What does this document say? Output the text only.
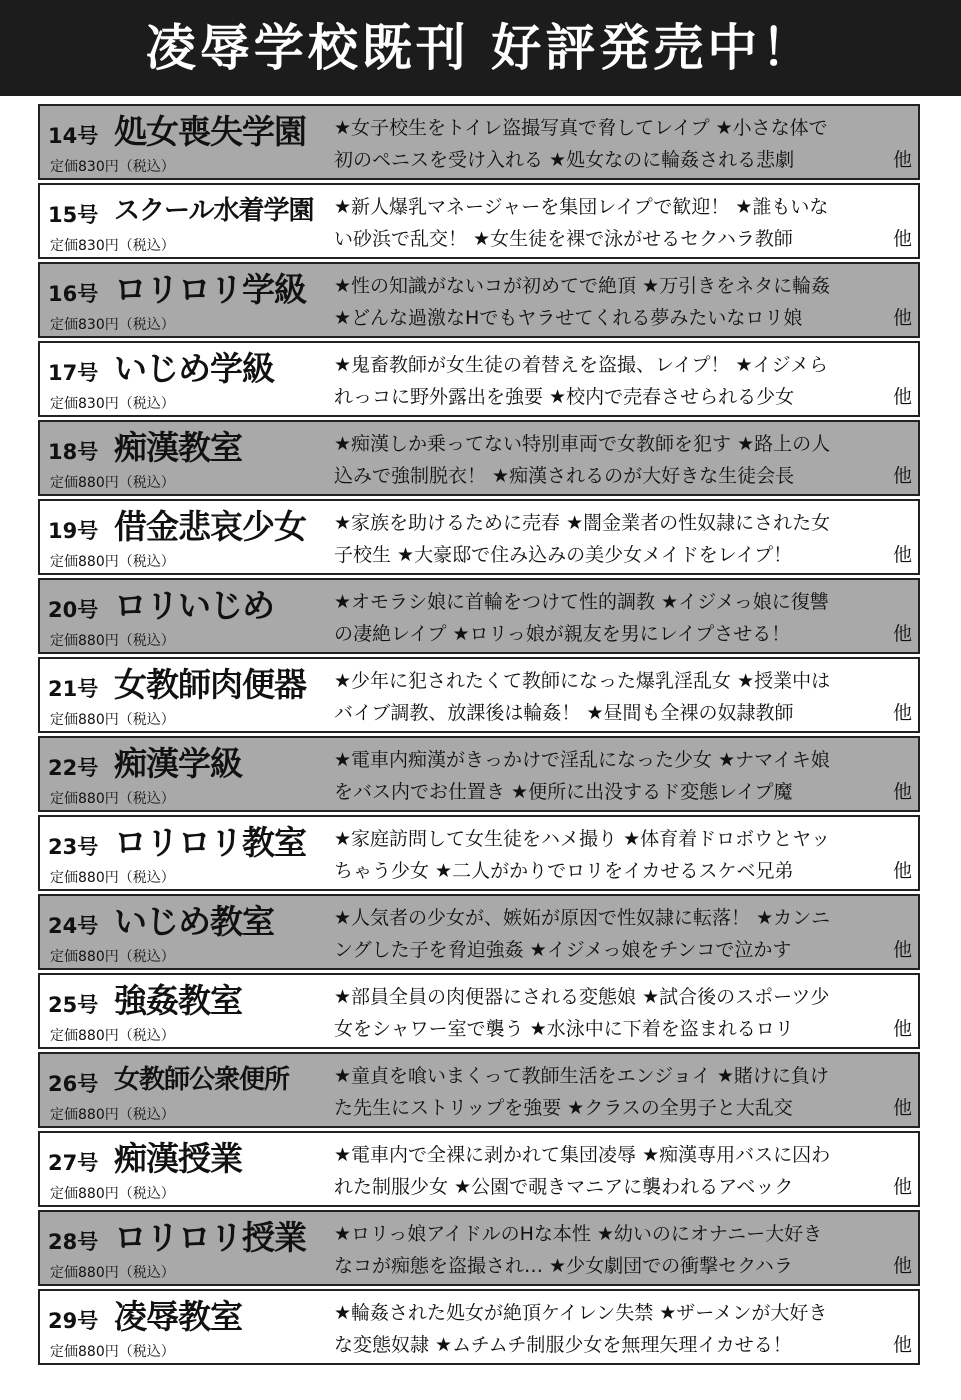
凌辱学校既刊 好評発売中！
14号 処女喪失学園
定価830円（税込）
★女子校生をトイレ盗撮写真で脅してレイプ ★小さな体で
初のペニスを受け入れる ★処女なのに輪姦される悲劇	他
15号 スクール水着学園
定価830円（税込）
★新人爆乳マネージャーを集団レイプで歓迎！ ★誰もいな
い砂浜で乱交！ ★女生徒を裸で泳がせるセクハラ教師	他
16号 ロリロリ学級
定価830円（税込）
★性の知識がないコが初めてで絶頂 ★万引きをネタに輪姦
★どんな過激なHでもヤラせてくれる夢みたいなロリ娘	他
17号 いじめ学級
定価830円（税込）
★鬼畜教師が女生徒の着替えを盗撮、レイプ！ ★イジメら
れっコに野外露出を強要 ★校内で売春させられる少女	他
18号 痴漢教室
定価880円（税込）
★痴漢しか乗ってない特別車両で女教師を犯す ★路上の人
込みで強制脱衣！ ★痴漢されるのが大好きな生徒会長	他
19号 借金悲哀少女
定価880円（税込）
★家族を助けるために売春 ★闇金業者の性奴隷にされた女
子校生 ★大豪邸で住み込みの美少女メイドをレイプ！	他
20号 ロリいじめ
定価880円（税込）
★オモラシ娘に首輪をつけて性的調教 ★イジメっ娘に復讐
の凄絶レイプ ★ロリっ娘が親友を男にレイプさせる！	他
21号 女教師肉便器
定価880円（税込）
★少年に犯されたくて教師になった爆乳淫乱女 ★授業中は
バイブ調教、放課後は輪姦！ ★昼間も全裸の奴隷教師	他
22号 痴漢学級
定価880円（税込）
★電車内痴漢がきっかけで淫乱になった少女 ★ナマイキ娘
をバス内でお仕置き ★便所に出没するド変態レイプ魔	他
23号 ロリロリ教室
定価880円（税込）
★家庭訪問して女生徒をハメ撮り ★体育着ドロボウとヤッ
ちゃう少女 ★二人がかりでロリをイカせるスケベ兄弟	他
24号 いじめ教室
定価880円（税込）
★人気者の少女が、嫉妬が原因で性奴隷に転落！ ★カンニ
ングした子を脅迫強姦 ★イジメっ娘をチンコで泣かす	他
25号 強姦教室
定価880円（税込）
★部員全員の肉便器にされる変態娘 ★試合後のスポーツ少
女をシャワー室で襲う ★水泳中に下着を盗まれるロリ	他
26号 女教師公衆便所
定価880円（税込）
★童貞を喰いまくって教師生活をエンジョイ ★賭けに負け
た先生にストリップを強要 ★クラスの全男子と大乱交	他
27号 痴漢授業
定価880円（税込）
★電車内で全裸に剥かれて集団凌辱 ★痴漢専用バスに囚わ
れた制服少女 ★公園で覗きマニアに襲われるアベック	他
28号 ロリロリ授業
定価880円（税込）
★ロリっ娘アイドルのHな本性 ★幼いのにオナニー大好き
なコが痴態を盗撮され… ★少女劇団での衝撃セクハラ	他
29号 凌辱教室
定価880円（税込）
★輪姦された処女が絶頂ケイレン失禁 ★ザーメンが大好き
な変態奴隷 ★ムチムチ制服少女を無理矢理イカせる！	他
